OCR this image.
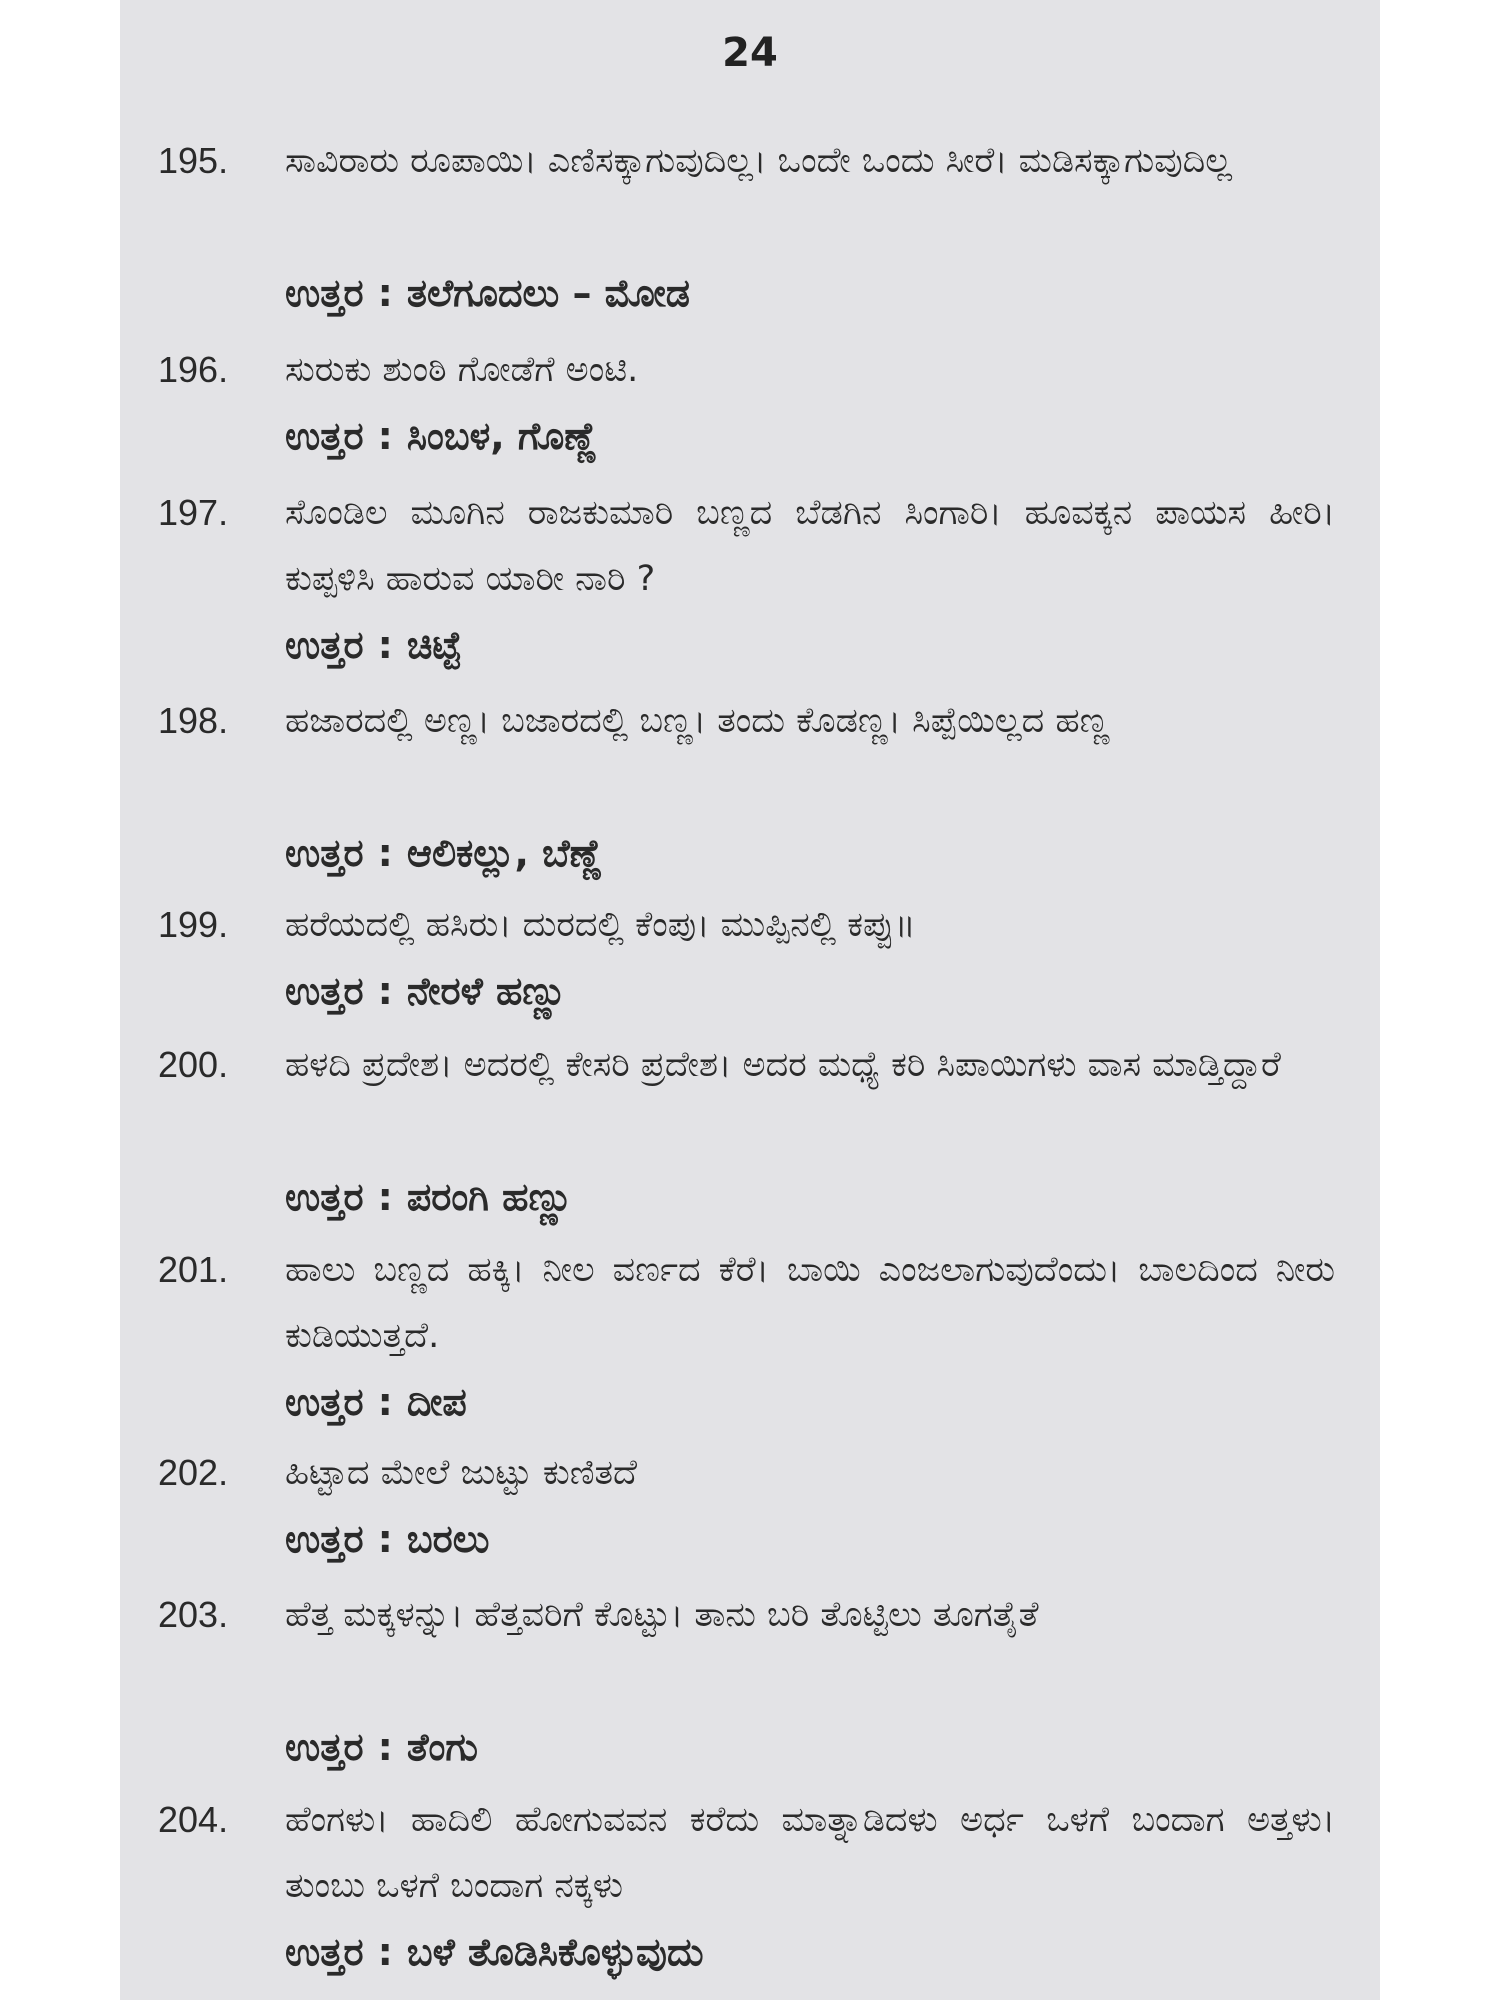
24
195. ಸಾವಿರಾರು ರೂಪಾಯಿ। ಎಣಿಸಕ್ಕಾಗುವುದಿಲ್ಲ। ಒಂದೇ ಒಂದು ಸೀರೆ। ಮಡಿಸಕ್ಕಾಗುವುದಿಲ್ಲ
ಉತ್ತರ : ತಲೆಗೂದಲು – ಮೋಡ
196. ಸುರುಕು ಶುಂಠಿ ಗೋಡೆಗೆ ಅಂಟಿ.
ಉತ್ತರ : ಸಿಂಬಳ, ಗೊಣ್ಣೆ
197. ಸೊಂಡಿಲ ಮೂಗಿನ ರಾಜಕುಮಾರಿ ಬಣ್ಣದ ಬೆಡಗಿನ ಸಿಂಗಾರಿ। ಹೂವಕ್ಕನ ಪಾಯಸ ಹೀರಿ। ಕುಪ್ಪಳಿಸಿ ಹಾರುವ ಯಾರೀ ನಾರಿ ?
ಉತ್ತರ : ಚಿಟ್ಟೆ
198. ಹಜಾರದಲ್ಲಿ ಅಣ್ಣ। ಬಜಾರದಲ್ಲಿ ಬಣ್ಣ। ತಂದು ಕೊಡಣ್ಣ। ಸಿಪ್ಪೆಯಿಲ್ಲದ ಹಣ್ಣ
ಉತ್ತರ : ಆಲಿಕಲ್ಲು, ಬೆಣ್ಣೆ
199. ಹರೆಯದಲ್ಲಿ ಹಸಿರು। ದುರದಲ್ಲಿ ಕೆಂಪು। ಮುಪ್ಪಿನಲ್ಲಿ ಕಪ್ಪು॥
ಉತ್ತರ : ನೇರಳೆ ಹಣ್ಣು
200. ಹಳದಿ ಪ್ರದೇಶ। ಅದರಲ್ಲಿ ಕೇಸರಿ ಪ್ರದೇಶ। ಅದರ ಮಧ್ಯೆ ಕರಿ ಸಿಪಾಯಿಗಳು ವಾಸ ಮಾಡ್ತಿದ್ದಾರೆ
ಉತ್ತರ : ಪರಂಗಿ ಹಣ್ಣು
201. ಹಾಲು ಬಣ್ಣದ ಹಕ್ಕಿ। ನೀಲ ವರ್ಣದ ಕೆರೆ। ಬಾಯಿ ಎಂಜಲಾಗುವುದೆಂದು। ಬಾಲದಿಂದ ನೀರು ಕುಡಿಯುತ್ತದೆ.
ಉತ್ತರ : ದೀಪ
202. ಹಿಟ್ಟಾದ ಮೇಲೆ ಜುಟ್ಟು ಕುಣಿತದೆ
ಉತ್ತರ : ಬರಲು
203. ಹೆತ್ತ ಮಕ್ಕಳನ್ನು। ಹೆತ್ತವರಿಗೆ ಕೊಟ್ಟು। ತಾನು ಬರಿ ತೊಟ್ಟಿಲು ತೂಗತೈತೆ
ಉತ್ತರ : ತೆಂಗು
204. ಹೆಂಗಳು। ಹಾದಿಲಿ ಹೋಗುವವನ ಕರೆದು ಮಾತ್ನಾಡಿದಳು ಅರ್ಧ ಒಳಗೆ ಬಂದಾಗ ಅತ್ತಳು। ತುಂಬು ಒಳಗೆ ಬಂದಾಗ ನಕ್ಕಳು
ಉತ್ತರ : ಬಳೆ ತೊಡಿಸಿಕೊಳ್ಳುವುದು
